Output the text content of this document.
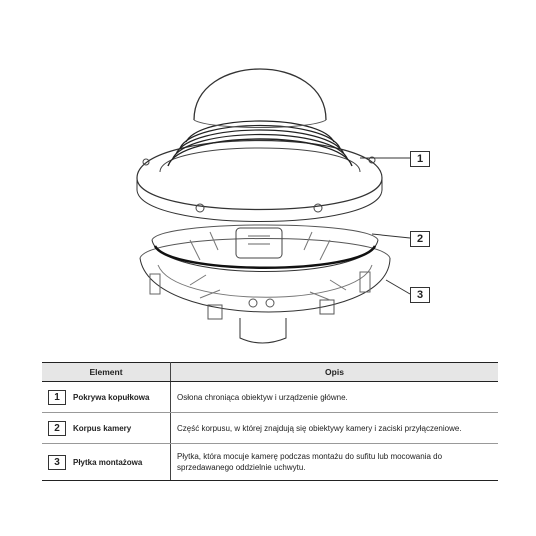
1
2
3
Element	Opis
1 Pokrywa kopułkowa	Osłona chroniąca obiektyw i urządzenie główne.
2 Korpus kamery	Część korpusu, w której znajdują się obiektywy kamery i zaciski przyłączeniowe.
3 Płytka montażowa	Płytka, która mocuje kamerę podczas montażu do sufitu lub mocowania do sprzedawanego oddzielnie uchwytu.
